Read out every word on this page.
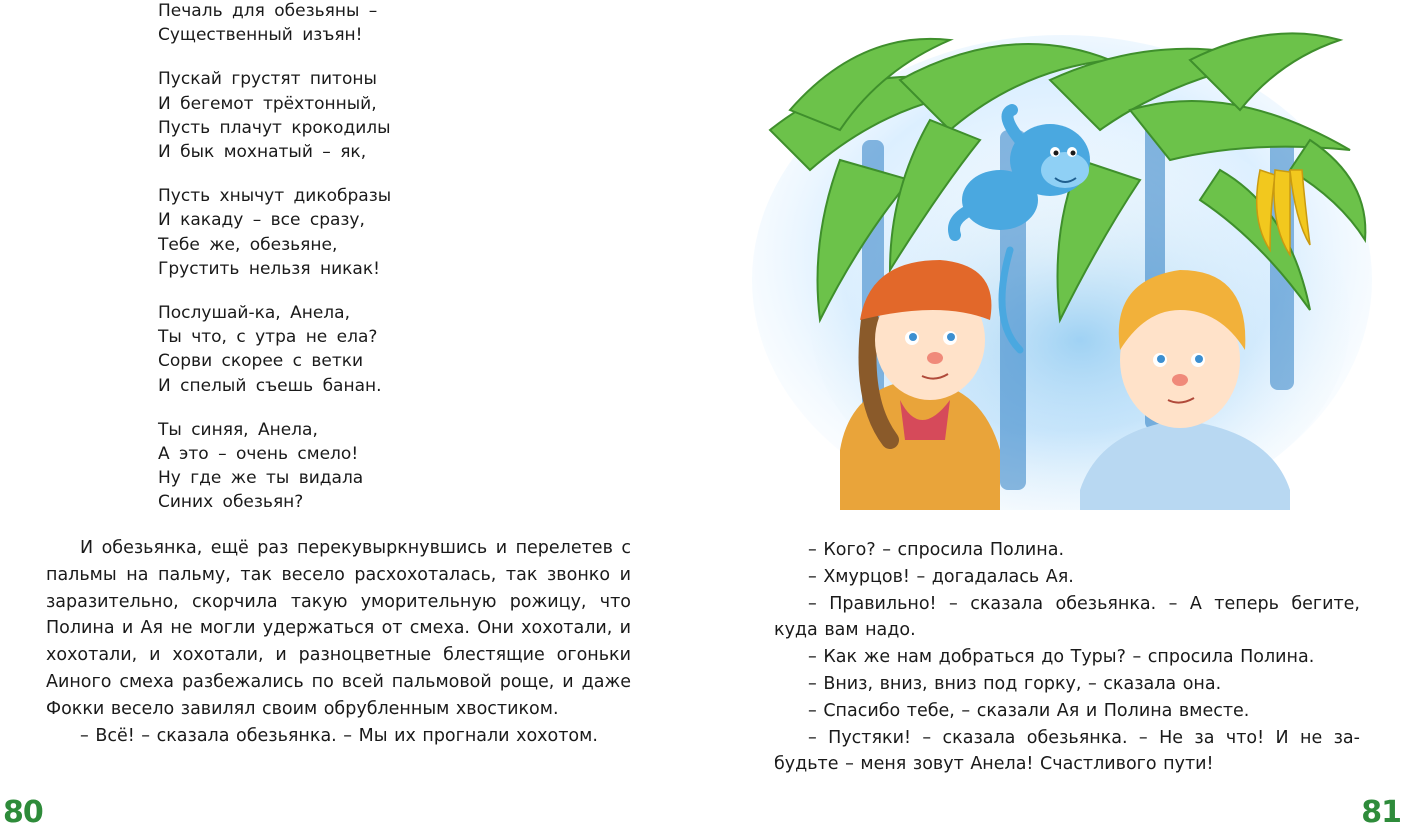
Печаль для обезьяны –
Существенный изъян!
Пускай грустят питоны
И бегемот трёхтонный,
Пусть плачут крокодилы
И бык мохнатый – як,
Пусть хнычут дикобразы
И какаду – все сразу,
Тебе же, обезьяне,
Грустить нельзя никак!
Послушай-ка, Анела,
Ты что, с утра не ела?
Сорви скорее с ветки
И спелый съешь банан.
Ты синяя, Анела,
А это – очень смело!
Ну где же ты видала
Синих обезьян?

И обезьянка, ещё раз перекувыркнувшись и перелетев с пальмы на пальму, так весело расхохоталась, так звонко и заразительно, скорчила такую уморительную рожицу, что Полина и Ая не могли удержаться от смеха. Они хохотали, и хохотали, и хохотали, и разноцветные блестящие огоньки Аиного смеха разбежались по всей пальмовой роще, и даже Фокки весело завилял своим обрубленным хвостиком.

– Всё! – сказала обезьянка. – Мы их прогнали хохотом.

80

– Кого? – спросила Полина.

– Хмурцов! – догадалась Ая.

– Правильно! – сказала обезьянка. – А теперь бегите, куда вам надо.

– Как же нам добраться до Туры? – спросила Полина.

– Вниз, вниз, вниз под горку, – сказала она.

– Спасибо тебе, – сказали Ая и Полина вместе.

– Пустяки! – сказала обезьянка. – Не за что! И не забудьте – меня зовут Анела! Счастливого пути!

81
